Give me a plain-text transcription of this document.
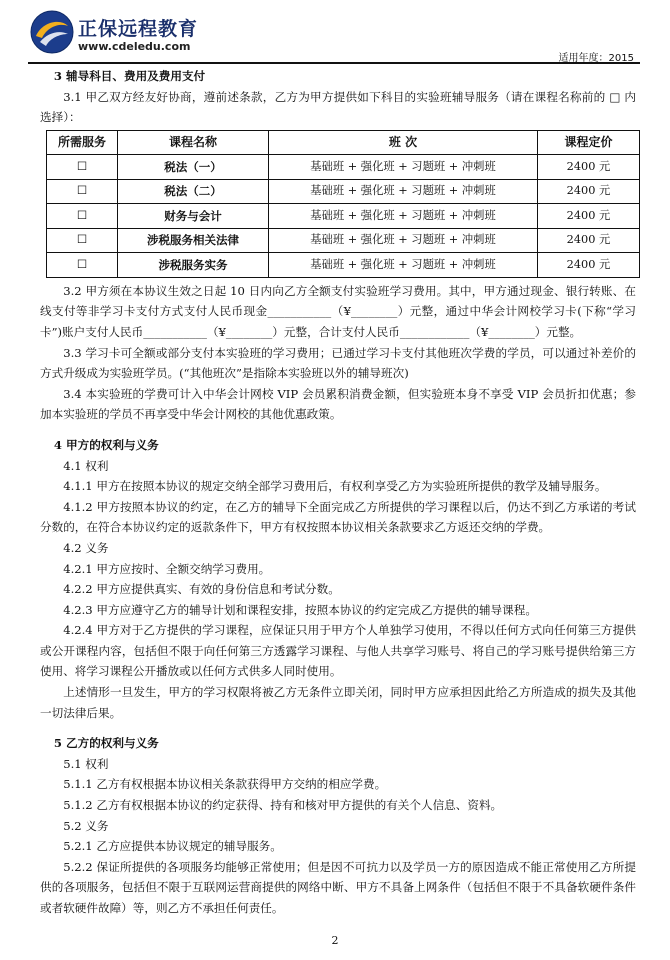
正保远程教育
www.cdeledu.com
适用年度：2015

3 辅导科目、费用及费用支付

3.1 甲乙双方经友好协商，遵前述条款，乙方为甲方提供如下科目的实验班辅导服务（请在课程名称前的 □ 内选择）：

所需服务	课程名称	班 次	课程定价
☐	税法（一）	基础班 + 强化班 + 习题班 + 冲刺班	2400 元
☐	税法（二）	基础班 + 强化班 + 习题班 + 冲刺班	2400 元
☐	财务与会计	基础班 + 强化班 + 习题班 + 冲刺班	2400 元
☐	涉税服务相关法律	基础班 + 强化班 + 习题班 + 冲刺班	2400 元
☐	涉税服务实务	基础班 + 强化班 + 习题班 + 冲刺班	2400 元

3.2 甲方须在本协议生效之日起 10 日内向乙方全额支付实验班学习费用。其中，甲方通过现金、银行转账、在线支付等非学习卡支付方式支付人民币现金___________（¥________）元整，通过中华会计网校学习卡(下称“学习卡”)账户支付人民币___________（¥________）元整，合计支付人民币____________（¥________）元整。

3.3 学习卡可全额或部分支付本实验班的学习费用；已通过学习卡支付其他班次学费的学员，可以通过补差价的方式升级成为实验班学员。(“其他班次”是指除本实验班以外的辅导班次)

3.4 本实验班的学费可计入中华会计网校 VIP 会员累积消费金额，但实验班本身不享受 VIP 会员折扣优惠；参加本实验班的学员不再享受中华会计网校的其他优惠政策。

4 甲方的权利与义务

4.1 权利

4.1.1 甲方在按照本协议的规定交纳全部学习费用后，有权利享受乙方为实验班所提供的教学及辅导服务。

4.1.2 甲方按照本协议的约定，在乙方的辅导下全面完成乙方所提供的学习课程以后，仍达不到乙方承诺的考试分数的，在符合本协议约定的返款条件下，甲方有权按照本协议相关条款要求乙方返还交纳的学费。

4.2 义务

4.2.1 甲方应按时、全额交纳学习费用。

4.2.2 甲方应提供真实、有效的身份信息和考试分数。

4.2.3 甲方应遵守乙方的辅导计划和课程安排，按照本协议的约定完成乙方提供的辅导课程。

4.2.4 甲方对于乙方提供的学习课程，应保证只用于甲方个人单独学习使用，不得以任何方式向任何第三方提供或公开课程内容，包括但不限于向任何第三方透露学习课程、与他人共享学习账号、将自己的学习账号提供给第三方使用、将学习课程公开播放或以任何方式供多人同时使用。

上述情形一旦发生，甲方的学习权限将被乙方无条件立即关闭，同时甲方应承担因此给乙方所造成的损失及其他一切法律后果。

5 乙方的权利与义务

5.1 权利

5.1.1 乙方有权根据本协议相关条款获得甲方交纳的相应学费。

5.1.2 乙方有权根据本协议的约定获得、持有和核对甲方提供的有关个人信息、资料。

5.2 义务

5.2.1 乙方应提供本协议规定的辅导服务。

5.2.2 保证所提供的各项服务均能够正常使用；但是因不可抗力以及学员一方的原因造成不能正常使用乙方所提供的各项服务，包括但不限于互联网运营商提供的网络中断、甲方不具备上网条件（包括但不限于不具备软硬件条件或者软硬件故障）等，则乙方不承担任何责任。

2
